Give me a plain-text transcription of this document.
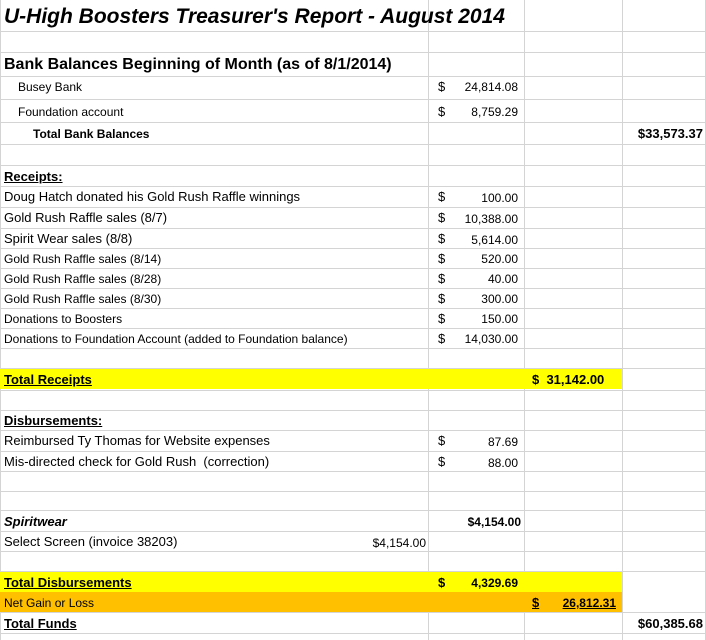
U-High Boosters Treasurer's Report - August 2014
Bank Balances Beginning of Month (as of 8/1/2014)
Busey Bank	$	24,814.08
Foundation account	$	8,759.29
Total Bank Balances	$33,573.37
Receipts:
Doug Hatch donated his Gold Rush Raffle winnings	$	100.00
Gold Rush Raffle sales (8/7)	$	10,388.00
Spirit Wear sales (8/8)	$	5,614.00
Gold Rush Raffle sales (8/14)	$	520.00
Gold Rush Raffle sales (8/28)	$	40.00
Gold Rush Raffle sales (8/30)	$	300.00
Donations to Boosters	$	150.00
Donations to Foundation Account (added to Foundation balance)	$	14,030.00
Total Receipts	$  31,142.00
Disbursements:
Reimbursed Ty Thomas for Website expenses	$	87.69
Mis-directed check for Gold Rush  (correction)	$	88.00
Spiritwear	$4,154.00
Select Screen (invoice 38203)	$4,154.00
Total Disbursements	$	4,329.69
Net Gain or Loss	$	26,812.31
Total Funds	$60,385.68
